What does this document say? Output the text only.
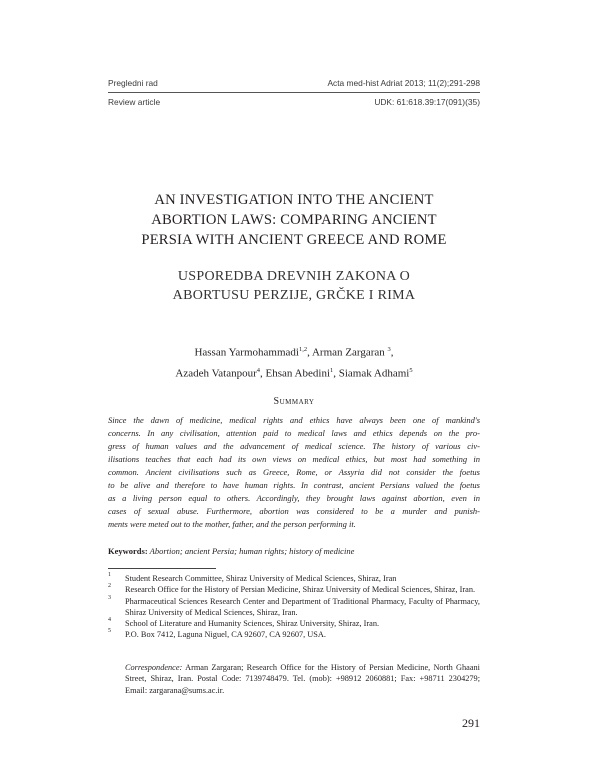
Pregledni rad	Acta med-hist Adriat 2013; 11(2);291-298
Review article	UDK: 61:618.39:17(091)(35)
AN INVESTIGATION INTO THE ANCIENT
ABORTION LAWS: COMPARING ANCIENT
PERSIA WITH ANCIENT GREECE AND ROME
USPOREDBA DREVNIH ZAKONA O
ABORTUSU PERZIJE, GRČKE I RIMA
Hassan Yarmohammadi$^{1,2}$, Arman Zargaran $^3$,
Azadeh Vatanpour$^4$, Ehsan Abedini$^1$, Siamak Adhami$^5$
Summary
Since the dawn of medicine, medical rights and ethics have always been one of mankind's
concerns. In any civilisation, attention paid to medical laws and ethics depends on the pro-
gress of human values and the advancement of medical science. The history of various civ-
ilisations teaches that each had its own views on medical ethics, but most had something in
common. Ancient civilisations such as Greece, Rome, or Assyria did not consider the foetus
to be alive and therefore to have human rights. In contrast, ancient Persians valued the foetus
as a living person equal to others. Accordingly, they brought laws against abortion, even in
cases of sexual abuse. Furthermore, abortion was considered to be a murder and punish-
ments were meted out to the mother, father, and the person performing it.
Keywords: Abortion; ancient Persia; human rights; history of medicine
1 Student Research Committee, Shiraz University of Medical Sciences, Shiraz, Iran
2 Research Office for the History of Persian Medicine, Shiraz University of Medical Sciences, Shiraz, Iran.
3 Pharmaceutical Sciences Research Center and Department of Traditional Pharmacy, Faculty of Pharmacy, Shiraz University of Medical Sciences, Shiraz, Iran.
4 School of Literature and Humanity Sciences, Shiraz University, Shiraz, Iran.
5 P.O. Box 7412, Laguna Niguel, CA 92607, CA 92607, USA.
Correspondence: Arman Zargaran; Research Office for the History of Persian Medicine, North Ghaani Street, Shiraz, Iran. Postal Code: 7139748479. Tel. (mob): +98912 2060881; Fax: +98711 2304279; Email: zargarana@sums.ac.ir.
291
